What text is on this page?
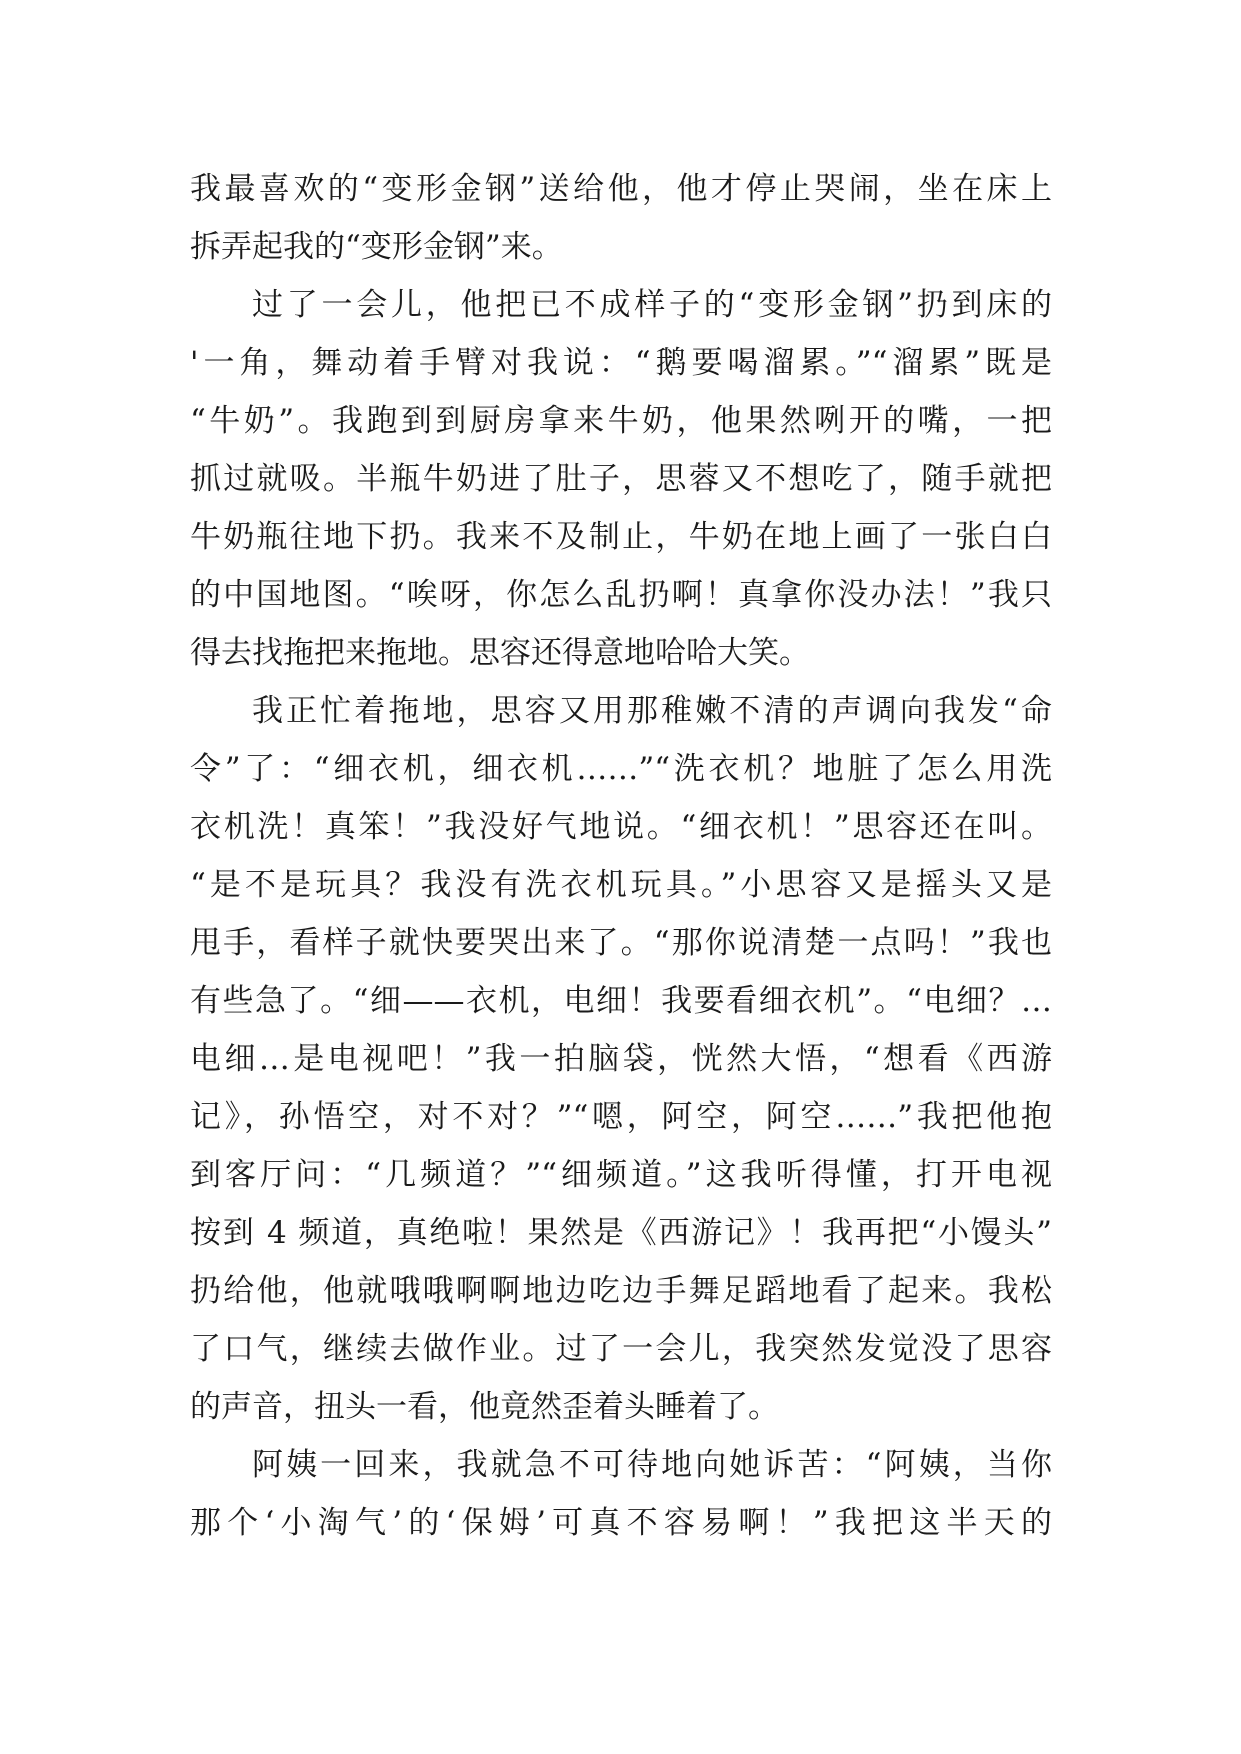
我最喜欢的“变形金钢”送给他，他才停止哭闹，坐在床上
拆弄起我的“变形金钢”来。
过了一会儿，他把已不成样子的“变形金钢”扔到床的
'一角，舞动着手臂对我说：“鹅要喝溜累。”“溜累”既是
“牛奶”。我跑到到厨房拿来牛奶，他果然咧开的嘴，一把
抓过就吸。半瓶牛奶进了肚子，思蓉又不想吃了，随手就把
牛奶瓶往地下扔。我来不及制止，牛奶在地上画了一张白白
的中国地图。“唉呀，你怎么乱扔啊！真拿你没办法！”我只
得去找拖把来拖地。思容还得意地哈哈大笑。
我正忙着拖地，思容又用那稚嫩不清的声调向我发“命
令”了：“细衣机，细衣机……”“洗衣机？地脏了怎么用洗
衣机洗！真笨！”我没好气地说。“细衣机！”思容还在叫。
“是不是玩具？我没有洗衣机玩具。”小思容又是摇头又是
甩手，看样子就快要哭出来了。“那你说清楚一点吗！”我也
有些急了。“细——衣机，电细！我要看细衣机”。“电细？…
电细…是电视吧！”我一拍脑袋，恍然大悟，“想看《西游
记》，孙悟空，对不对？”“嗯，阿空，阿空……”我把他抱
到客厅问：“几频道？”“细频道。”这我听得懂，打开电视
按到 4 频道，真绝啦！果然是《西游记》！我再把“小馒头”
扔给他，他就哦哦啊啊地边吃边手舞足蹈地看了起来。我松
了口气，继续去做作业。过了一会儿，我突然发觉没了思容
的声音，扭头一看，他竟然歪着头睡着了。
阿姨一回来，我就急不可待地向她诉苦：“阿姨，当你
那个‘小淘气’的‘保姆’可真不容易啊！”我把这半天的
